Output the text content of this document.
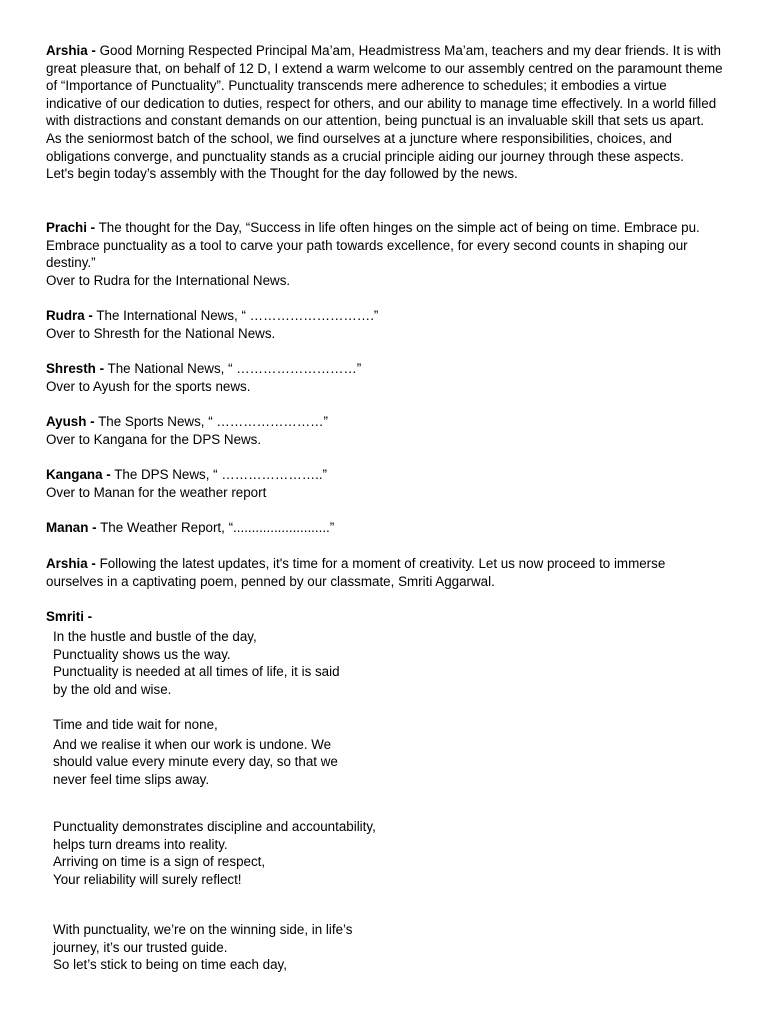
Arshia - Good Morning Respected Principal Ma’am, Headmistress Ma’am, teachers and my dear friends. It is with great pleasure that, on behalf of 12 D, I extend a warm welcome to our assembly centred on the paramount theme of “Importance of Punctuality”. Punctuality transcends mere adherence to schedules; it embodies a virtue indicative of our dedication to duties, respect for others, and our ability to manage time effectively. In a world filled with distractions and constant demands on our attention, being punctual is an invaluable skill that sets us apart.

As the seniormost batch of the school, we find ourselves at a juncture where responsibilities, choices, and obligations converge, and punctuality stands as a crucial principle aiding our journey through these aspects.

Let's begin today’s assembly with the Thought for the day followed by the news.

Prachi - The thought for the Day, “Success in life often hinges on the simple act of being on time. Embrace pu. Embrace punctuality as a tool to carve your path towards excellence, for every second counts in shaping our destiny.”

Over to Rudra for the International News.

Rudra - The International News, “ ……………………….”

Over to Shresth for the National News.

Shresth - The National News, “ ………………………”

Over to Ayush for the sports news.

Ayush - The Sports News, “ ……………………”

Over to Kangana for the DPS News.

Kangana - The DPS News, “ …………………..”

Over to Manan for the weather report

Manan - The Weather Report, “..........................”

Arshia - Following the latest updates, it's time for a moment of creativity. Let us now proceed to immerse ourselves in a captivating poem, penned by our classmate, Smriti Aggarwal.

Smriti -

In the hustle and bustle of the day,

Punctuality shows us the way.

Punctuality is needed at all times of life, it is said

by the old and wise.

Time and tide wait for none,

And we realise it when our work is undone. We

should value every minute every day, so that we

never feel time slips away.

Punctuality demonstrates discipline and accountability,

helps turn dreams into reality.

Arriving on time is a sign of respect,

Your reliability will surely reflect!

With punctuality, we’re on the winning side, in life’s

journey, it’s our trusted guide.

So let’s stick to being on time each day,
